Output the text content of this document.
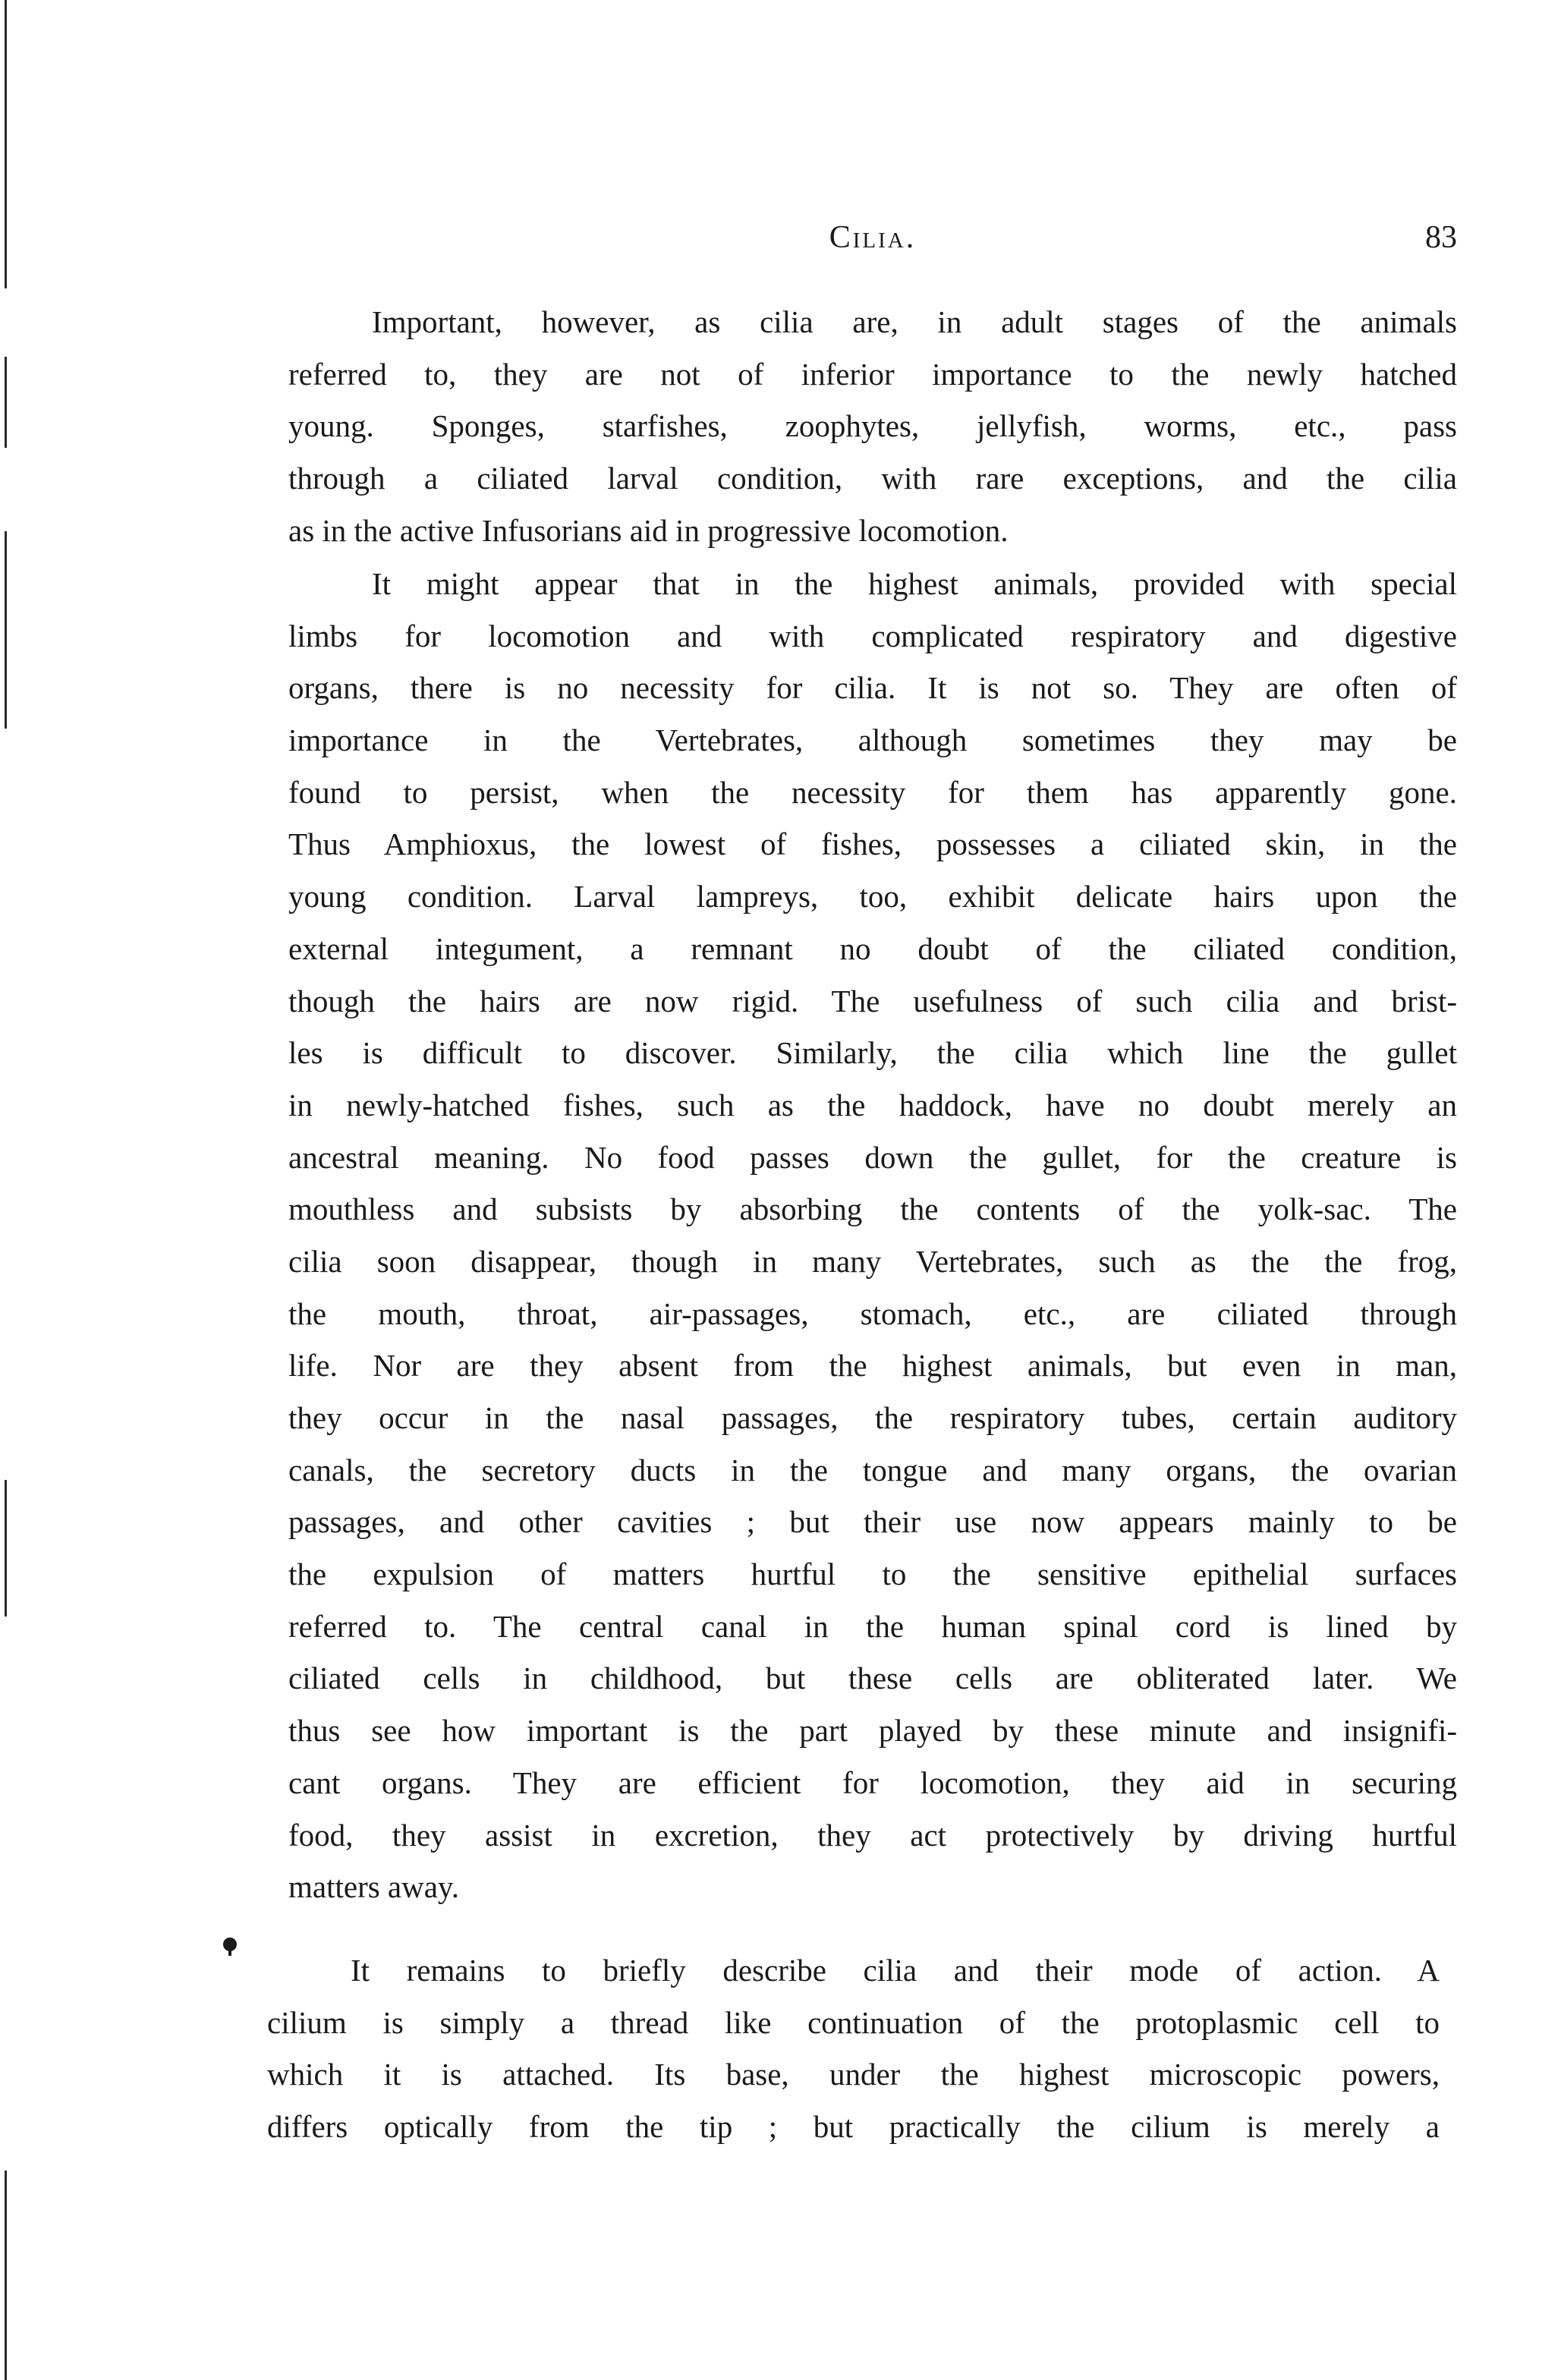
Cilia.	83
Important, however, as cilia are, in adult stages of the animals
referred to, they are not of inferior importance to the newly hatched
young. Sponges, starfishes, zoophytes, jellyfish, worms, etc., pass
through a ciliated larval condition, with rare exceptions, and the cilia
as in the active Infusorians aid in progressive locomotion.
It might appear that in the highest animals, provided with special
limbs for locomotion and with complicated respiratory and digestive
organs, there is no necessity for cilia. It is not so. They are often of
importance in the Vertebrates, although sometimes they may be
found to persist, when the necessity for them has apparently gone.
Thus Amphioxus, the lowest of fishes, possesses a ciliated skin, in the
young condition. Larval lampreys, too, exhibit delicate hairs upon the
external integument, a remnant no doubt of the ciliated condition,
though the hairs are now rigid. The usefulness of such cilia and brist-
les is difficult to discover. Similarly, the cilia which line the gullet
in newly-hatched fishes, such as the haddock, have no doubt merely an
ancestral meaning. No food passes down the gullet, for the creature is
mouthless and subsists by absorbing the contents of the yolk-sac. The
cilia soon disappear, though in many Vertebrates, such as the the frog,
the mouth, throat, air-passages, stomach, etc., are ciliated through
life. Nor are they absent from the highest animals, but even in man,
they occur in the nasal passages, the respiratory tubes, certain auditory
canals, the secretory ducts in the tongue and many organs, the ovarian
passages, and other cavities ; but their use now appears mainly to be
the expulsion of matters hurtful to the sensitive epithelial surfaces
referred to. The central canal in the human spinal cord is lined by
ciliated cells in childhood, but these cells are obliterated later. We
thus see how important is the part played by these minute and insignifi-
cant organs. They are efficient for locomotion, they aid in securing
food, they assist in excretion, they act protectively by driving hurtful
matters away.
It remains to briefly describe cilia and their mode of action. A
cilium is simply a thread like continuation of the protoplasmic cell to
which it is attached. Its base, under the highest microscopic powers,
differs optically from the tip ; but practically the cilium is merely a
